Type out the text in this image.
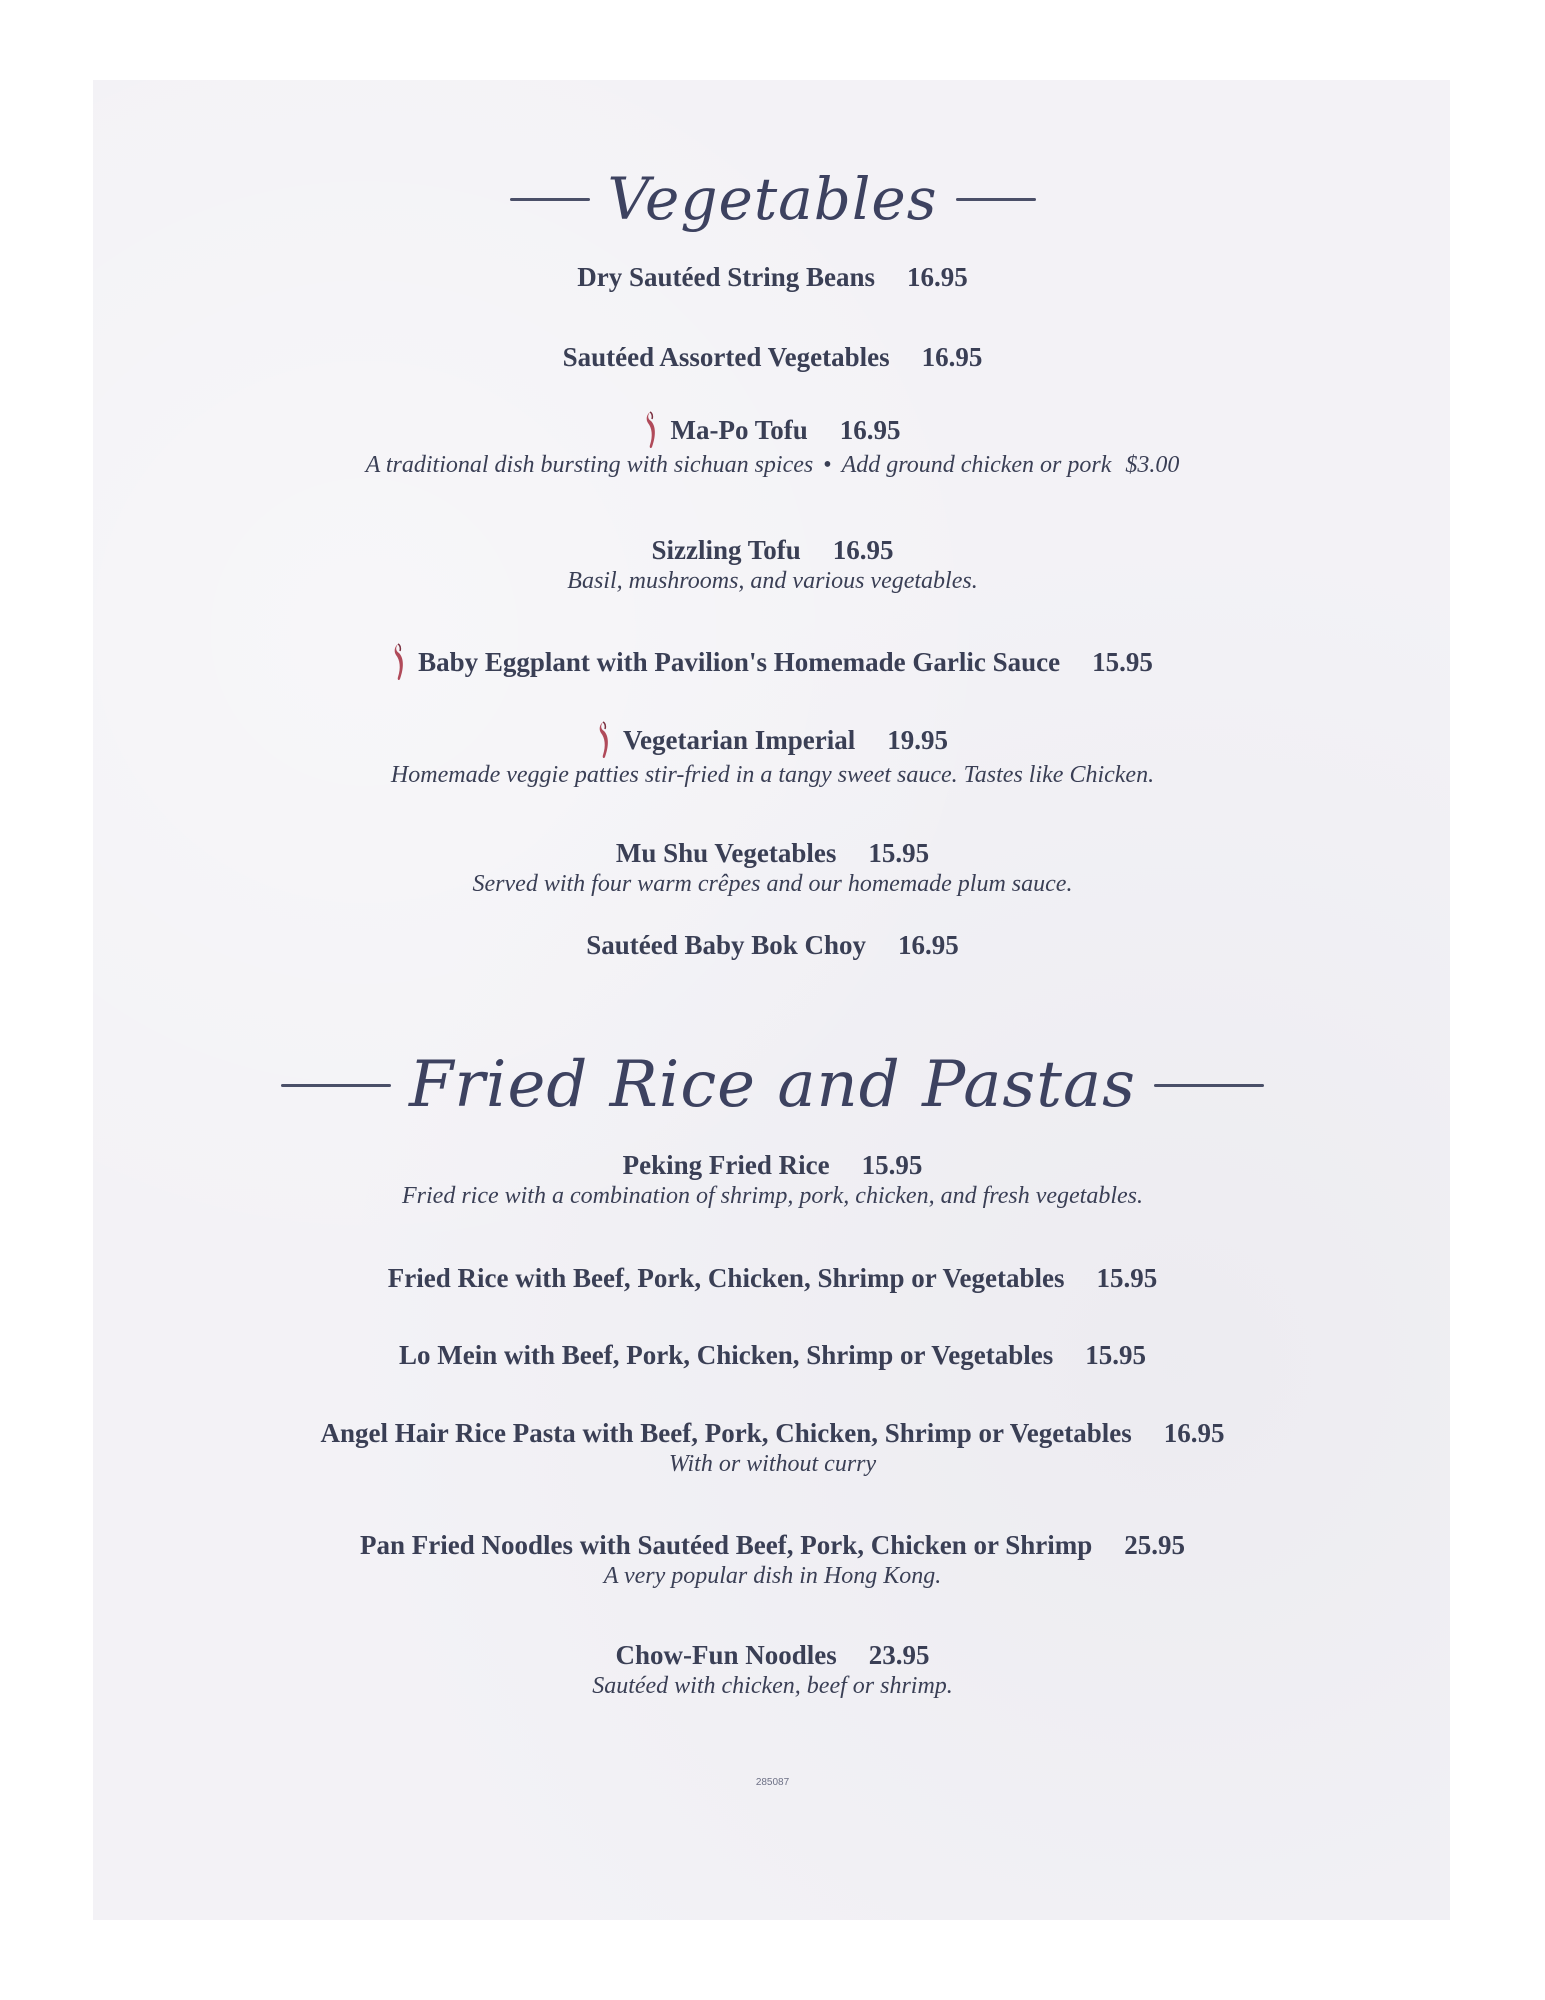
Vegetables
Dry Sautéed String Beans 16.95
Sautéed Assorted Vegetables 16.95
Ma-Po Tofu 16.95
A traditional dish bursting with sichuan spices • Add ground chicken or pork $3.00
Sizzling Tofu 16.95
Basil, mushrooms, and various vegetables.
Baby Eggplant with Pavilion's Homemade Garlic Sauce 15.95
Vegetarian Imperial 19.95
Homemade veggie patties stir-fried in a tangy sweet sauce. Tastes like Chicken.
Mu Shu Vegetables 15.95
Served with four warm crêpes and our homemade plum sauce.
Sautéed Baby Bok Choy 16.95
Fried Rice and Pastas
Peking Fried Rice 15.95
Fried rice with a combination of shrimp, pork, chicken, and fresh vegetables.
Fried Rice with Beef, Pork, Chicken, Shrimp or Vegetables 15.95
Lo Mein with Beef, Pork, Chicken, Shrimp or Vegetables 15.95
Angel Hair Rice Pasta with Beef, Pork, Chicken, Shrimp or Vegetables 16.95
With or without curry
Pan Fried Noodles with Sautéed Beef, Pork, Chicken or Shrimp 25.95
A very popular dish in Hong Kong.
Chow-Fun Noodles 23.95
Sautéed with chicken, beef or shrimp.
285087
